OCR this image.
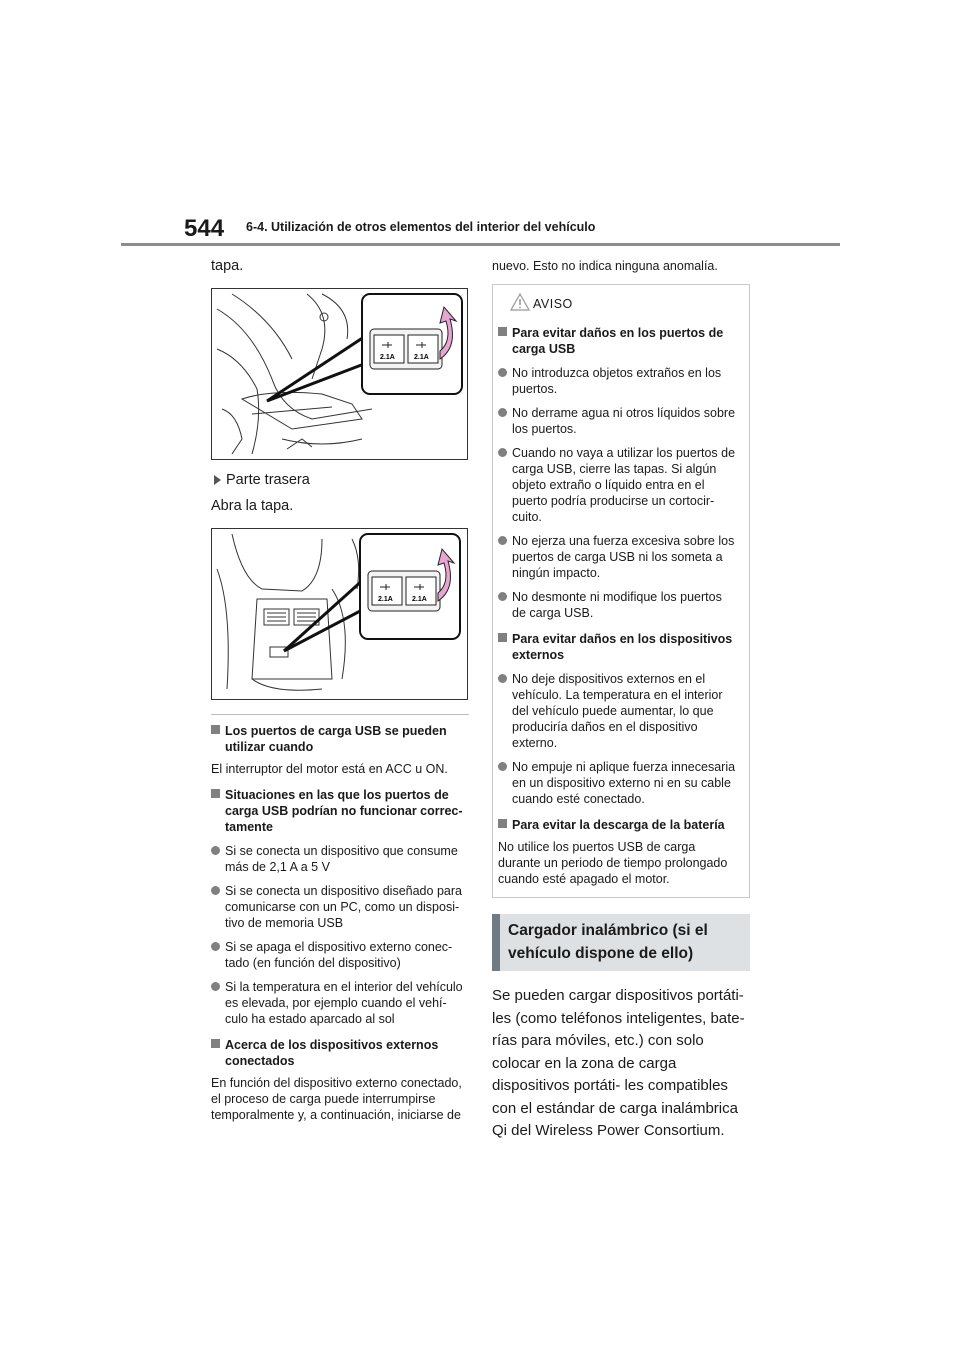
544 6-4. Utilización de otros elementos del interior del vehículo

tapa.

2.1A	2.1A
Parte trasera

Abra la tapa.

2.1A	2.1A
Los puertos de carga USB se pueden utilizar cuando

El interruptor del motor está en ACC u ON.

Situaciones en las que los puertos de carga USB podrían no funcionar correc- tamente
Si se conecta un dispositivo que consume más de 2,1 A a 5 V
Si se conecta un dispositivo diseñado para comunicarse con un PC, como un disposi- tivo de memoria USB
Si se apaga el dispositivo externo conec- tado (en función del dispositivo)
Si la temperatura en el interior del vehículo es elevada, por ejemplo cuando el vehí- culo ha estado aparcado al sol
Acerca de los dispositivos externos conectados

En función del dispositivo externo conectado, el proceso de carga puede interrumpirse temporalmente y, a continuación, iniciarse de

nuevo. Esto no indica ninguna anomalía.

AVISO
Para evitar daños en los puertos de carga USB
No introduzca objetos extraños en los puertos.
No derrame agua ni otros líquidos sobre los puertos.
Cuando no vaya a utilizar los puertos de carga USB, cierre las tapas. Si algún objeto extraño o líquido entra en el puerto podría producirse un cortocir- cuito.
No ejerza una fuerza excesiva sobre los puertos de carga USB ni los someta a ningún impacto.
No desmonte ni modifique los puertos de carga USB.
Para evitar daños en los dispositivos externos
No deje dispositivos externos en el vehículo. La temperatura en el interior del vehículo puede aumentar, lo que produciría daños en el dispositivo externo.
No empuje ni aplique fuerza innecesaria en un dispositivo externo ni en su cable cuando esté conectado.
Para evitar la descarga de la batería

No utilice los puertos USB de carga durante un periodo de tiempo prolongado cuando esté apagado el motor.

Cargador inalámbrico (si el vehículo dispone de ello)

Se pueden cargar dispositivos portáti- les (como teléfonos inteligentes, bate- rías para móviles, etc.) con solo colocar en la zona de carga dispositivos portáti- les compatibles con el estándar de carga inalámbrica Qi del Wireless Power Consortium.
